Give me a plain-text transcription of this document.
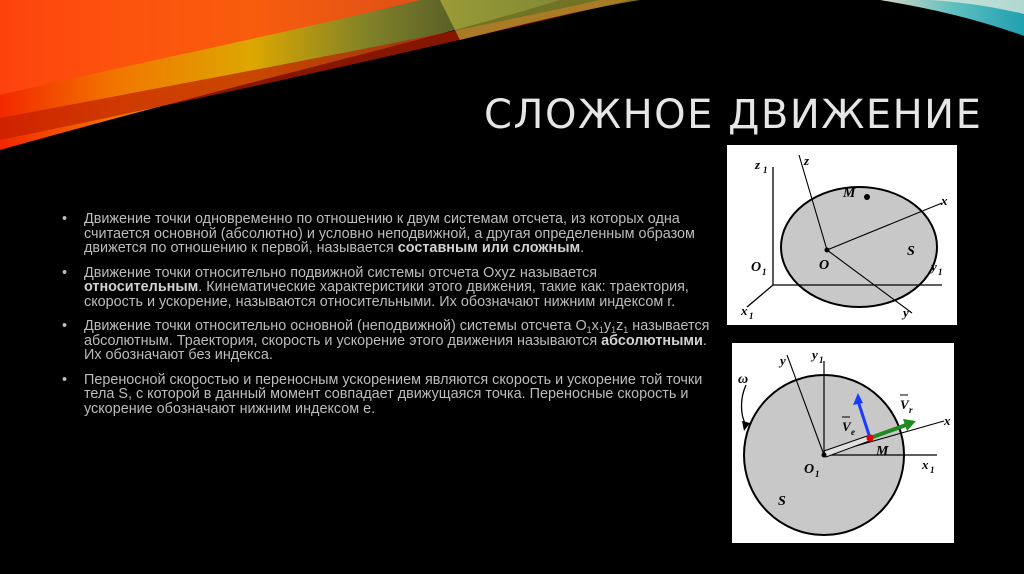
СЛОЖНОЕ ДВИЖЕНИЕ
• Движение точки одновременно по отношению к двум системам отсчета, из которых одна считается основной (абсолютно) и условно неподвижной, а другая определенным образом движется по отношению к первой, называется составным или сложным.
• Движение точки относительно подвижной системы отсчета Oxyz называется относительным. Кинематические характеристики этого движения, такие как: траектория, скорость и ускорение, называются относительными. Их обозначают нижним индексом r.
• Движение точки относительно основной (неподвижной) системы отсчета $O_1x_1y_1z_1$ называется абсолютным. Траектория, скорость и ускорение этого движения называются абсолютными. Их обозначают без индекса.
• Переносной скоростью и переносным ускорением являются скорость и ускорение той точки тела S, с которой в данный момент совпадает движущаяся точка. Переносные скорость и ускорение обозначают нижним индексом e.
z 1
z
M	x
O
S
O 1	y 1
x 1	y
y y 1
ω
V e
V r
x
M
O 1
x 1
S
